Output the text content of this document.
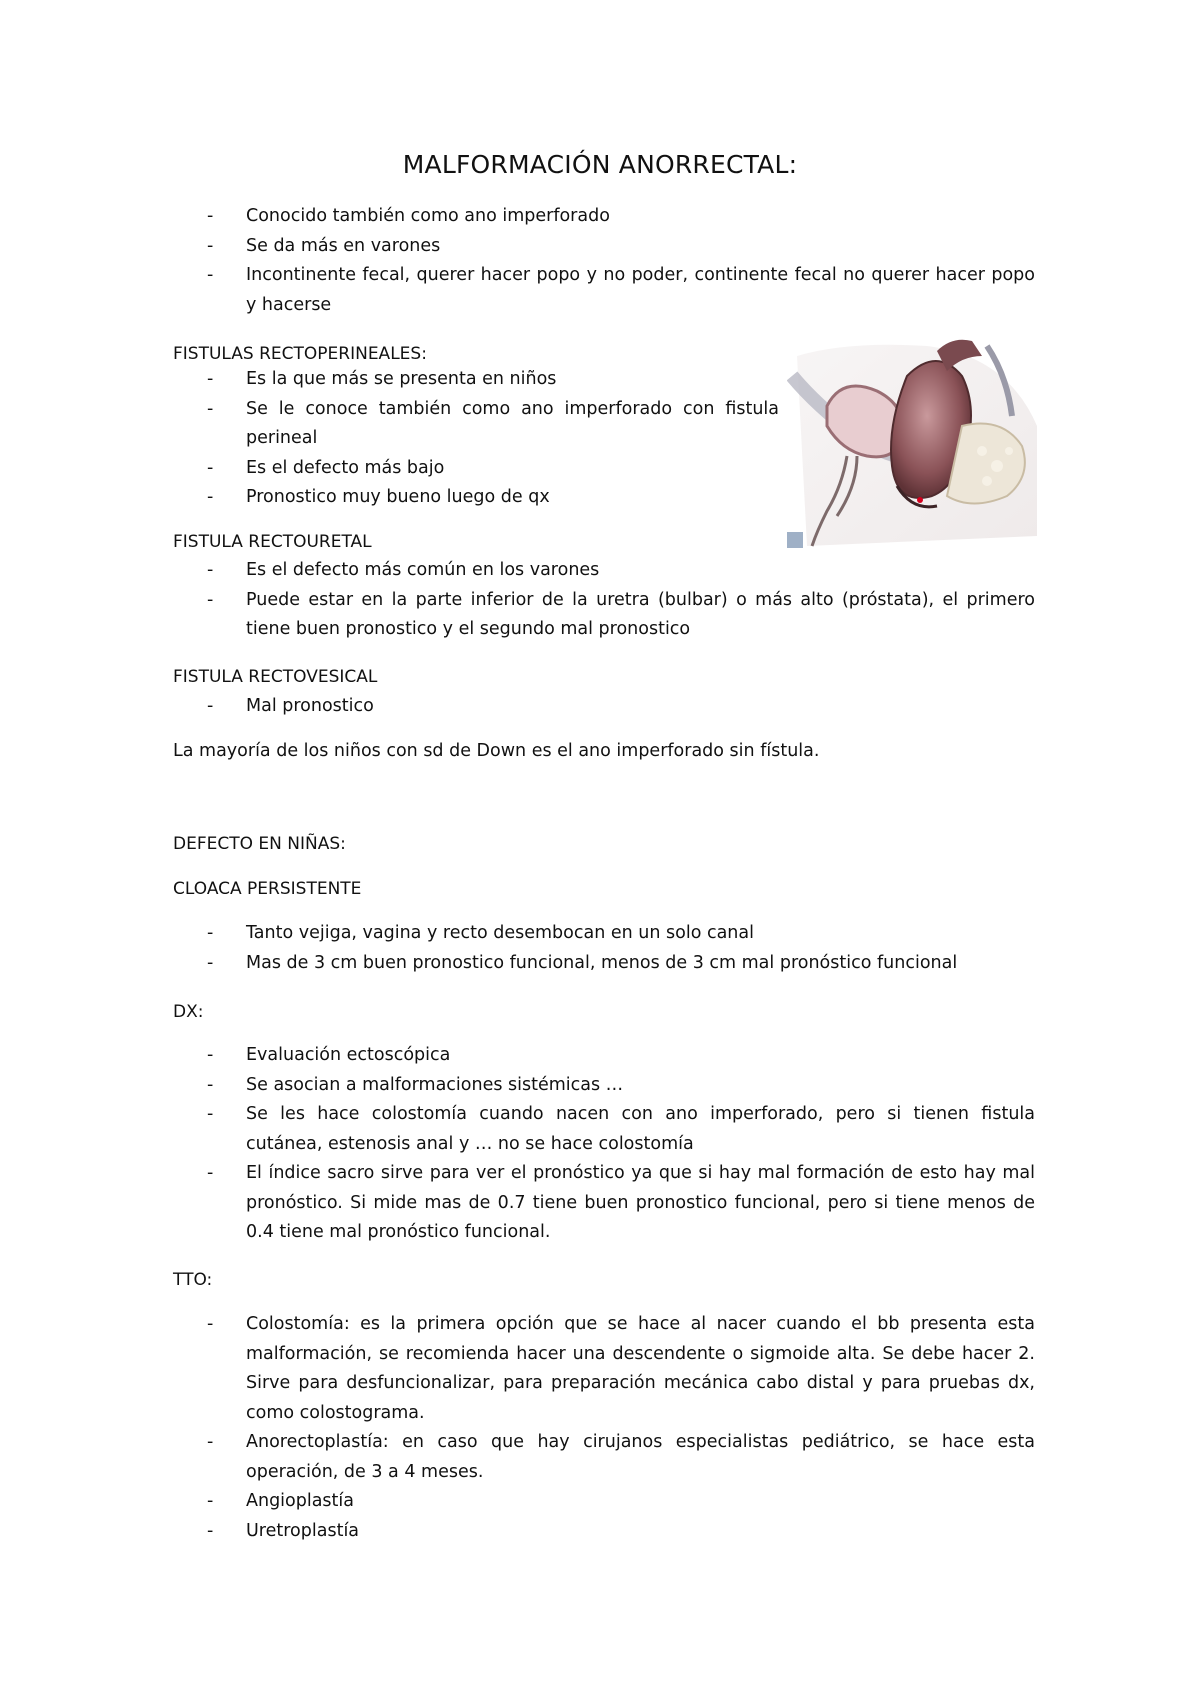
MALFORMACIÓN ANORRECTAL:
- Conocido también como ano imperforado
- Se da más en varones
- Incontinente fecal, querer hacer popo y no poder, continente fecal no querer hacer popo y hacerse
FISTULAS RECTOPERINEALES:
- Es la que más se presenta en niños
- Se le conoce también como ano imperforado con fistula perineal
- Es el defecto más bajo
- Pronostico muy bueno luego de qx
FISTULA RECTOURETAL
- Es el defecto más común en los varones
- Puede estar en la parte inferior de la uretra (bulbar) o más alto (próstata), el primero tiene buen pronostico y el segundo mal pronostico
FISTULA RECTOVESICAL
- Mal pronostico
La mayoría de los niños con sd de Down es el ano imperforado sin fístula.
DEFECTO EN NIÑAS:
CLOACA PERSISTENTE
- Tanto vejiga, vagina y recto desembocan en un solo canal
- Mas de 3 cm buen pronostico funcional, menos de 3 cm mal pronóstico funcional
DX:
- Evaluación ectoscópica
- Se asocian a malformaciones sistémicas …
- Se les hace colostomía cuando nacen con ano imperforado, pero si tienen fistula cutánea, estenosis anal y … no se hace colostomía
- El índice sacro sirve para ver el pronóstico ya que si hay mal formación de esto hay mal pronóstico. Si mide mas de 0.7 tiene buen pronostico funcional, pero si tiene menos de 0.4 tiene mal pronóstico funcional.
TTO:
- Colostomía: es la primera opción que se hace al nacer cuando el bb presenta esta malformación, se recomienda hacer una descendente o sigmoide alta. Se debe hacer 2. Sirve para desfuncionalizar, para preparación mecánica cabo distal y para pruebas dx, como colostograma.
- Anorectoplastía: en caso que hay cirujanos especialistas pediátrico, se hace esta operación, de 3 a 4 meses.
- Angioplastía
- Uretroplastía
